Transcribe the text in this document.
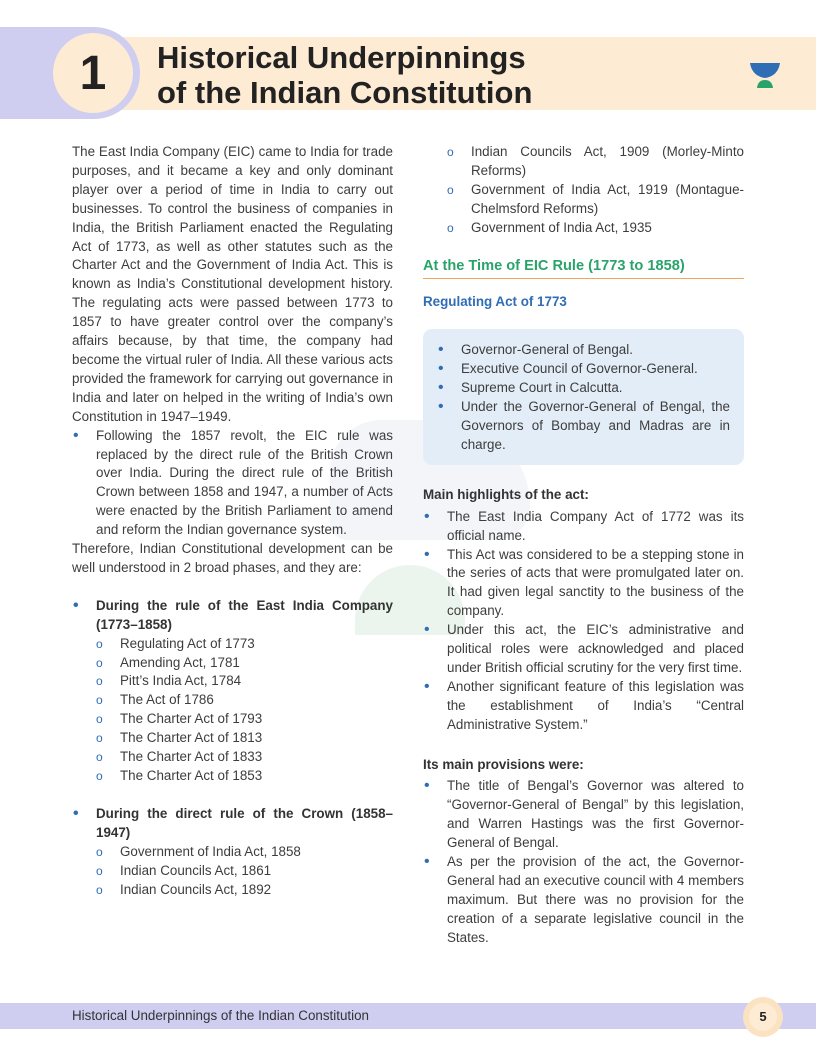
1	Historical Underpinnings
of the Indian Constitution

The East India Company (EIC) came to India for trade purposes, and it became a key and only dominant player over a period of time in India to carry out businesses. To control the business of companies in India, the British Parliament enacted the Regulating Act of 1773, as well as other statutes such as the Charter Act and the Government of India Act. This is known as India’s Constitutional development history. The regulating acts were passed between 1773 to 1857 to have greater control over the company’s affairs because, by that time, the company had become the virtual ruler of India. All these various acts provided the framework for carrying out governance in India and later on helped in the writing of India’s own Constitution in 1947–1949.

• Following the 1857 revolt, the EIC rule was replaced by the direct rule of the British Crown over India. During the direct rule of the British Crown between 1858 and 1947, a number of Acts were enacted by the British Parliament to amend and reform the Indian governance system.

Therefore, Indian Constitutional development can be well understood in 2 broad phases, and they are:

• During the rule of the East India Company (1773–1858)
o Regulating Act of 1773
o Amending Act, 1781
o Pitt’s India Act, 1784
o The Act of 1786
o The Charter Act of 1793
o The Charter Act of 1813
o The Charter Act of 1833
o The Charter Act of 1853
• During the direct rule of the Crown (1858–1947)
o Government of India Act, 1858
o Indian Councils Act, 1861
o Indian Councils Act, 1892
o Indian Councils Act, 1909 (Morley-Minto Reforms)
o Government of India Act, 1919 (Montague-Chelmsford Reforms)
o Government of India Act, 1935
At the Time of EIC Rule (1773 to 1858)
Regulating Act of 1773
• Governor-General of Bengal.
• Executive Council of Governor-General.
• Supreme Court in Calcutta.
• Under the Governor-General of Bengal, the Governors of Bombay and Madras are in charge.
Main highlights of the act:
• The East India Company Act of 1772 was its official name.
• This Act was considered to be a stepping stone in the series of acts that were promulgated later on. It had given legal sanctity to the business of the company.
• Under this act, the EIC’s administrative and political roles were acknowledged and placed under British official scrutiny for the very first time.
• Another significant feature of this legislation was the establishment of India’s “Central Administrative System.”
Its main provisions were:
• The title of Bengal’s Governor was altered to “Governor-General of Bengal” by this legislation, and Warren Hastings was the first Governor-General of Bengal.
• As per the provision of the act, the Governor-General had an executive council with 4 members maximum. But there was no provision for the creation of a separate legislative council in the States.
Historical Underpinnings of the Indian Constitution	5
